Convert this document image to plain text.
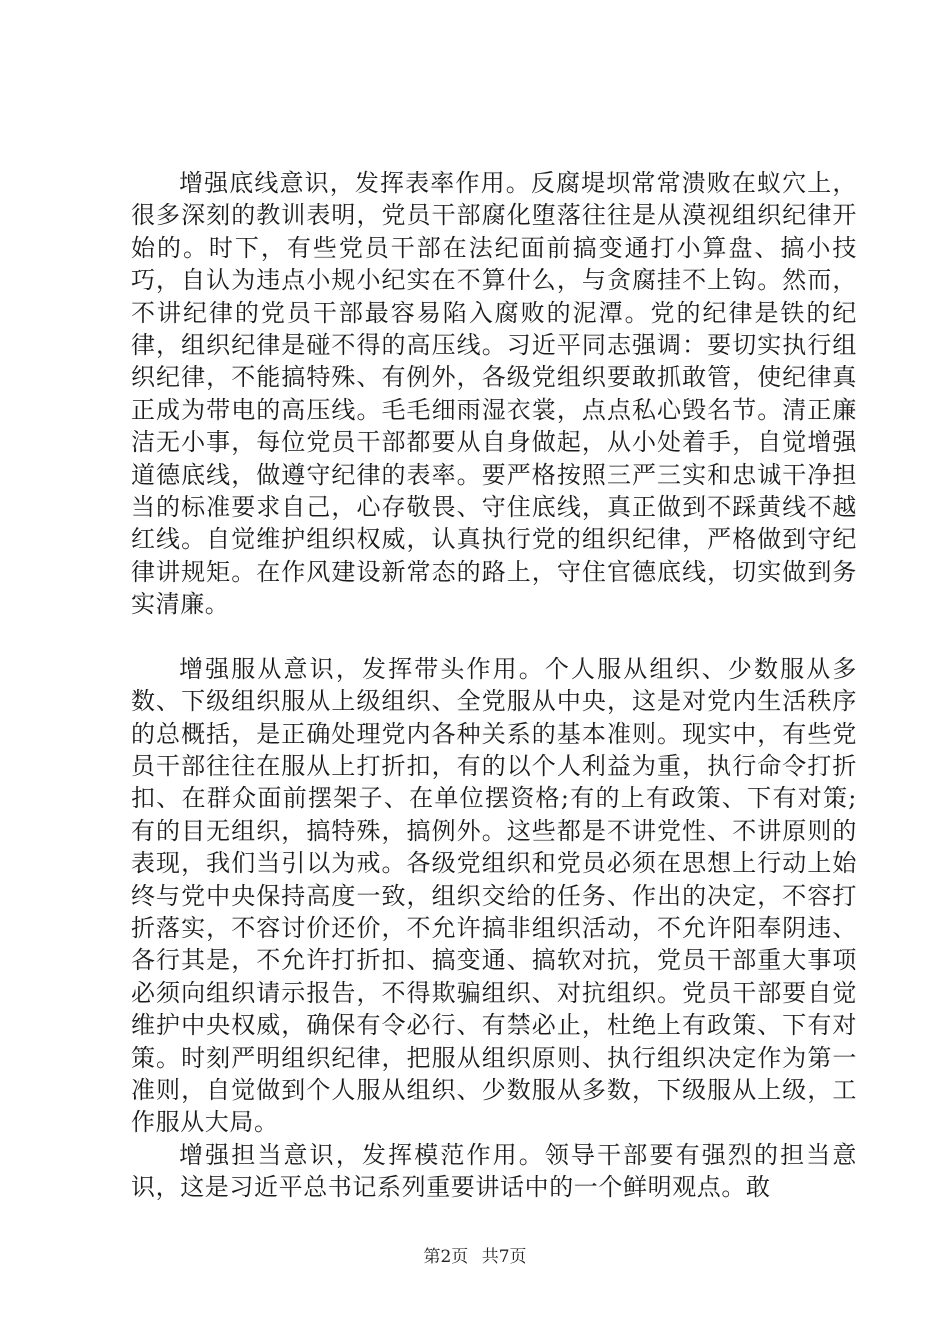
增强底线意识，发挥表率作用。反腐堤坝常常溃败在蚁穴上，很多深刻的教训表明，党员干部腐化堕落往往是从漠视组织纪律开始的。时下，有些党员干部在法纪面前搞变通打小算盘、搞小技巧，自认为违点小规小纪实在不算什么，与贪腐挂不上钩。然而，不讲纪律的党员干部最容易陷入腐败的泥潭。党的纪律是铁的纪律，组织纪律是碰不得的高压线。习近平同志强调：要切实执行组织纪律，不能搞特殊、有例外，各级党组织要敢抓敢管，使纪律真正成为带电的高压线。毛毛细雨湿衣裳，点点私心毁名节。清正廉洁无小事，每位党员干部都要从自身做起，从小处着手，自觉增强道德底线，做遵守纪律的表率。要严格按照三严三实和忠诚干净担当的标准要求自己，心存敬畏、守住底线，真正做到不踩黄线不越红线。自觉维护组织权威，认真执行党的组织纪律，严格做到守纪律讲规矩。在作风建设新常态的路上，守住官德底线，切实做到务实清廉。

增强服从意识，发挥带头作用。个人服从组织、少数服从多数、下级组织服从上级组织、全党服从中央，这是对党内生活秩序的总概括，是正确处理党内各种关系的基本准则。现实中，有些党员干部往往在服从上打折扣，有的以个人利益为重，执行命令打折扣、在群众面前摆架子、在单位摆资格;有的上有政策、下有对策;有的目无组织，搞特殊，搞例外。这些都是不讲党性、不讲原则的表现，我们当引以为戒。各级党组织和党员必须在思想上行动上始终与党中央保持高度一致，组织交给的任务、作出的决定，不容打折落实，不容讨价还价，不允许搞非组织活动，不允许阳奉阴违、各行其是，不允许打折扣、搞变通、搞软对抗，党员干部重大事项必须向组织请示报告，不得欺骗组织、对抗组织。党员干部要自觉维护中央权威，确保有令必行、有禁必止，杜绝上有政策、下有对策。时刻严明组织纪律，把服从组织原则、执行组织决定作为第一准则，自觉做到个人服从组织、少数服从多数，下级服从上级，工作服从大局。

增强担当意识，发挥模范作用。领导干部要有强烈的担当意识，这是习近平总书记系列重要讲话中的一个鲜明观点。敢

第2页 共7页
